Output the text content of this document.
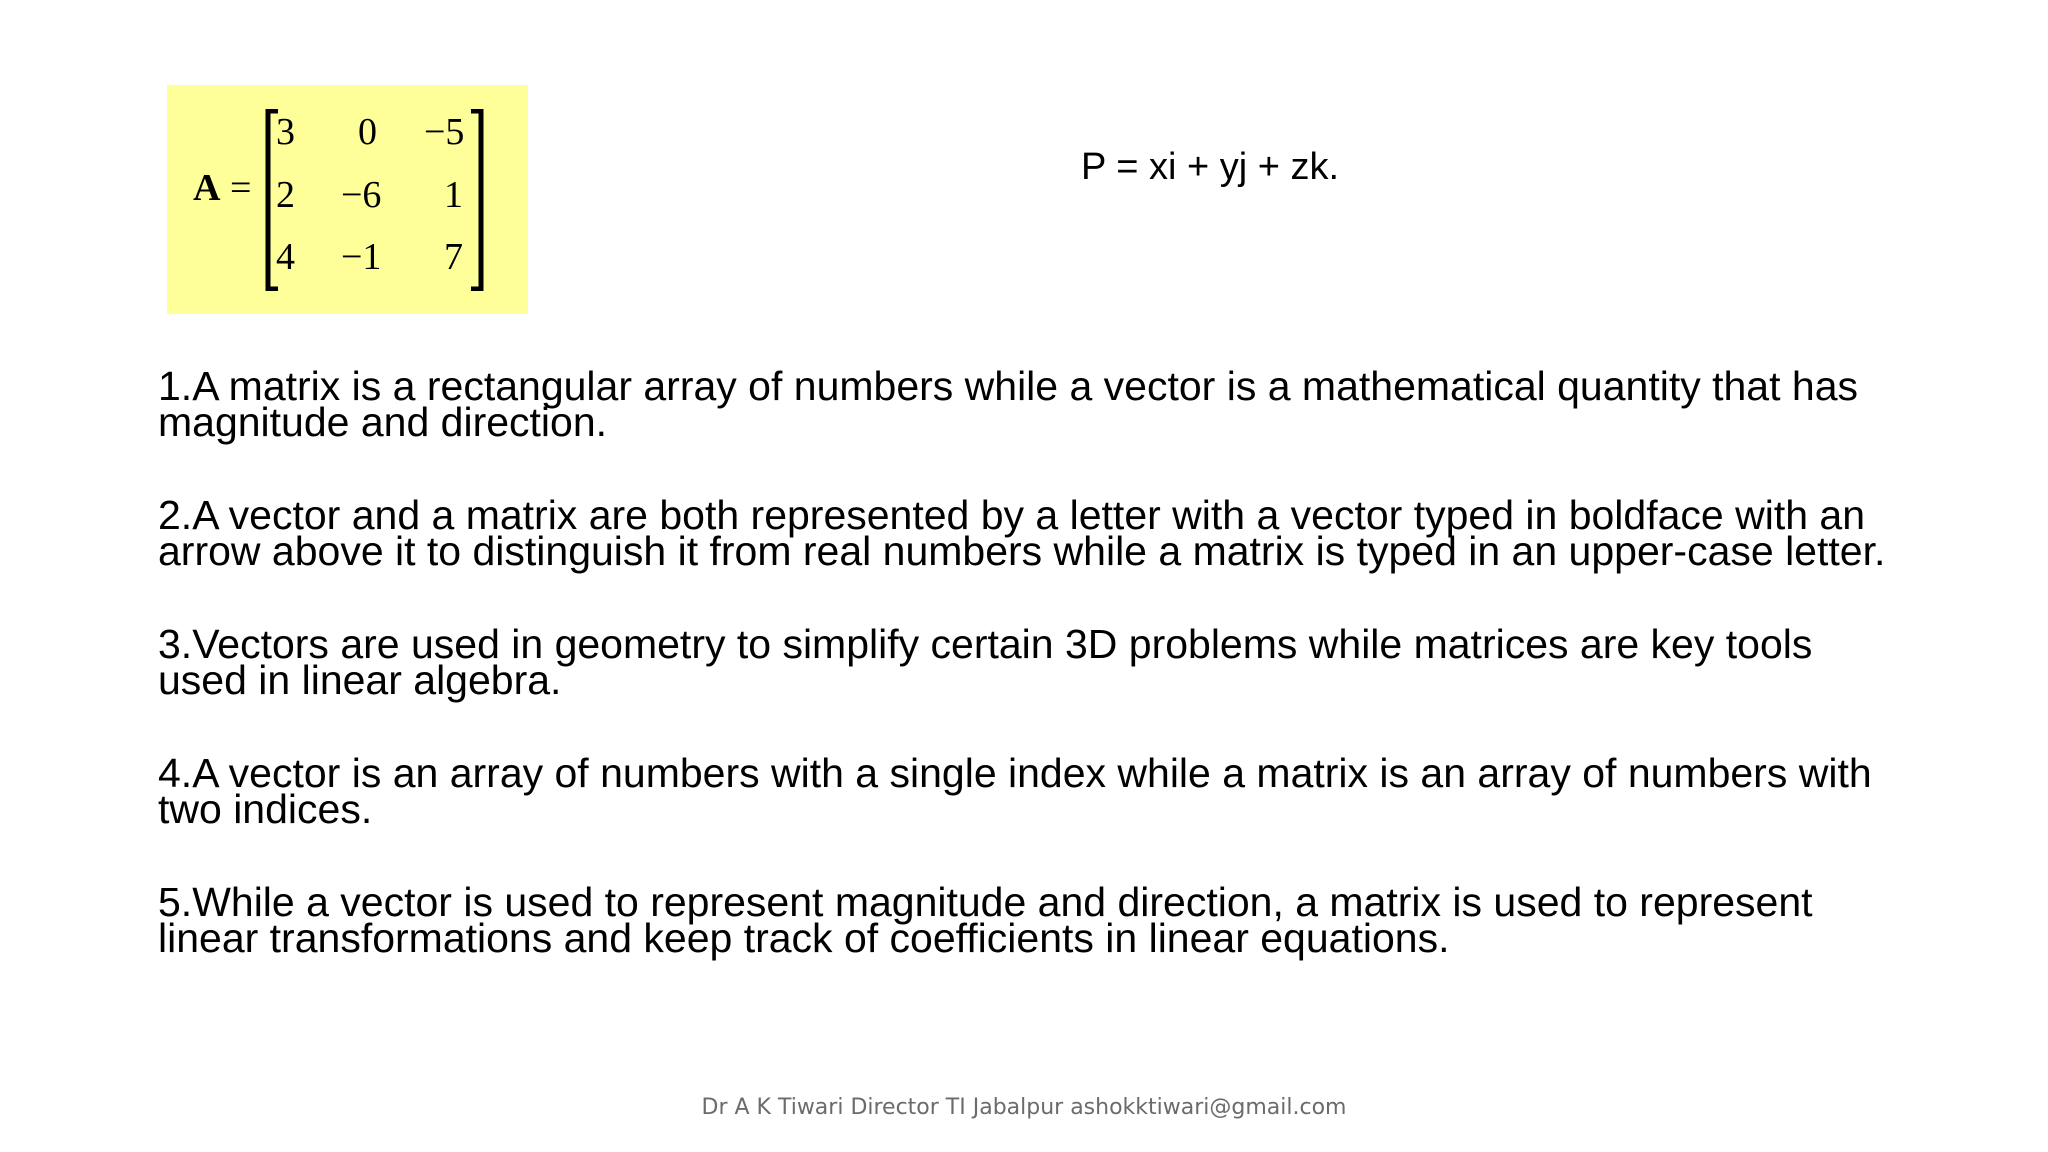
A =
3 0 −5
2 −6 1
4 −1 7
P = xi + yj + zk.
1.A matrix is a rectangular array of numbers while a vector is a mathematical quantity that has magnitude and direction.
2.A vector and a matrix are both represented by a letter with a vector typed in boldface with an arrow above it to distinguish it from real numbers while a matrix is typed in an upper-case letter.
3.Vectors are used in geometry to simplify certain 3D problems while matrices are key tools used in linear algebra.
4.A vector is an array of numbers with a single index while a matrix is an array of numbers with two indices.
5.While a vector is used to represent magnitude and direction, a matrix is used to represent linear transformations and keep track of coefficients in linear equations.
Dr A K Tiwari Director TI Jabalpur ashokktiwari@gmail.com
